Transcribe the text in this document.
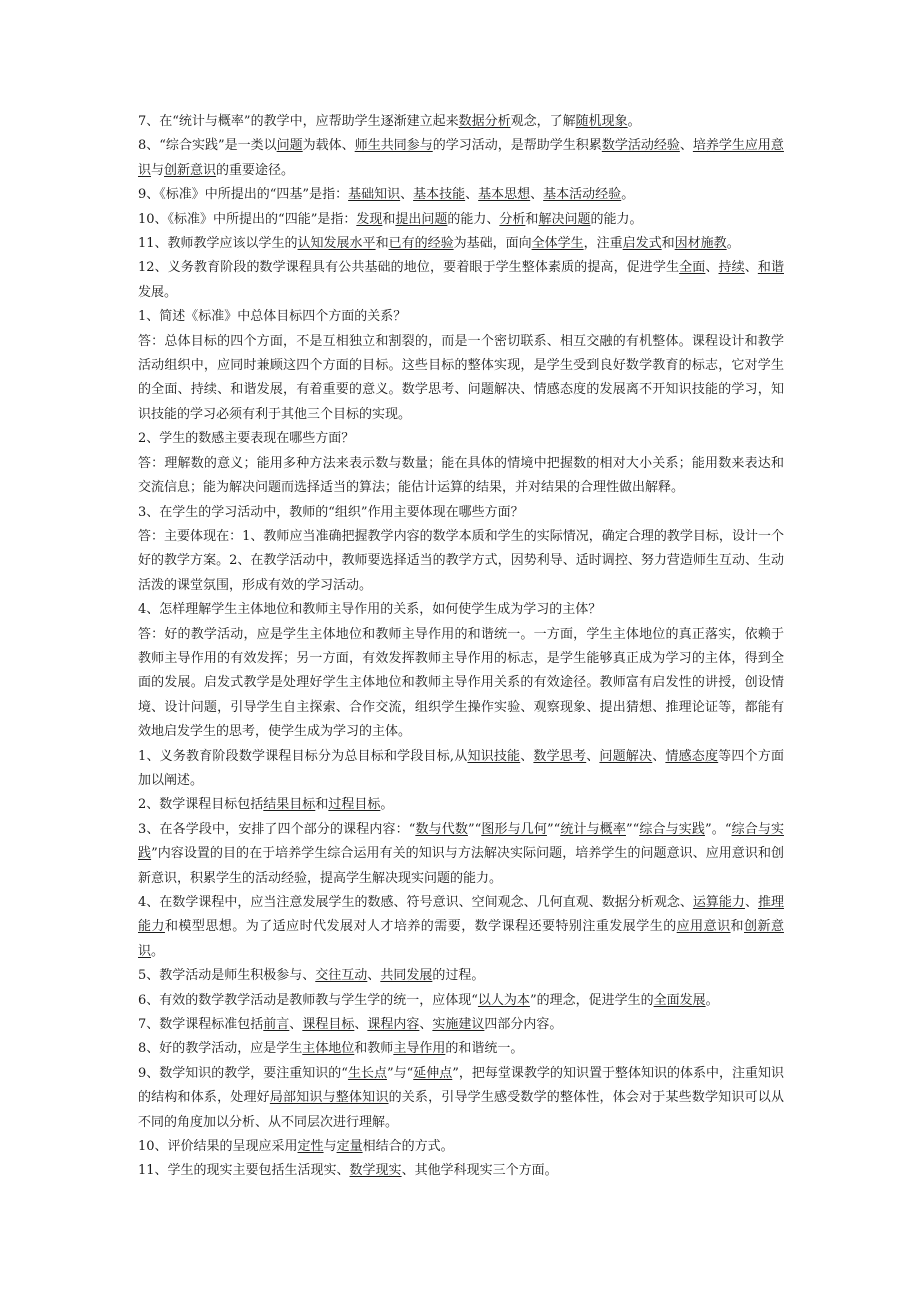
7、在“统计与概率”的教学中，应帮助学生逐渐建立起来数据分析观念，了解随机现象。

8、“综合实践”是一类以问题为载体、师生共同参与的学习活动，是帮助学生积累数学活动经验、培养学生应用意识与创新意识的重要途径。

9、《标准》中所提出的“四基”是指：基础知识、基本技能、基本思想、基本活动经验。

10、《标准》中所提出的“四能”是指：发现和提出问题的能力、分析和解决问题的能力。

11、教师教学应该以学生的认知发展水平和已有的经验为基础，面向全体学生，注重启发式和因材施教。

12、义务教育阶段的数学课程具有公共基础的地位，要着眼于学生整体素质的提高，促进学生全面、持续、和谐发展。

1、简述《标准》中总体目标四个方面的关系？

答：总体目标的四个方面，不是互相独立和割裂的，而是一个密切联系、相互交融的有机整体。课程设计和教学活动组织中，应同时兼顾这四个方面的目标。这些目标的整体实现，是学生受到良好数学教育的标志，它对学生的全面、持续、和谐发展，有着重要的意义。数学思考、问题解决、情感态度的发展离不开知识技能的学习，知识技能的学习必须有利于其他三个目标的实现。

2、学生的数感主要表现在哪些方面？

答：理解数的意义；能用多种方法来表示数与数量；能在具体的情境中把握数的相对大小关系；能用数来表达和交流信息；能为解决问题而选择适当的算法；能估计运算的结果，并对结果的合理性做出解释。

3、在学生的学习活动中，教师的“组织”作用主要体现在哪些方面？

答：主要体现在：1、教师应当准确把握教学内容的数学本质和学生的实际情况，确定合理的教学目标，设计一个好的教学方案。2、在教学活动中，教师要选择适当的教学方式，因势利导、适时调控、努力营造师生互动、生动活泼的课堂氛围，形成有效的学习活动。

4、怎样理解学生主体地位和教师主导作用的关系，如何使学生成为学习的主体？

答：好的教学活动，应是学生主体地位和教师主导作用的和谐统一。一方面，学生主体地位的真正落实，依赖于教师主导作用的有效发挥；另一方面，有效发挥教师主导作用的标志，是学生能够真正成为学习的主体，得到全面的发展。启发式教学是处理好学生主体地位和教师主导作用关系的有效途径。教师富有启发性的讲授，创设情境、设计问题，引导学生自主探索、合作交流，组织学生操作实验、观察现象、提出猜想、推理论证等，都能有效地启发学生的思考，使学生成为学习的主体。

1、义务教育阶段数学课程目标分为总目标和学段目标,从知识技能、数学思考、问题解决、情感态度等四个方面加以阐述。

2、数学课程目标包括结果目标和过程目标。

3、在各学段中，安排了四个部分的课程内容：“数与代数”“图形与几何”“统计与概率”“综合与实践”。“综合与实践”内容设置的目的在于培养学生综合运用有关的知识与方法解决实际问题，培养学生的问题意识、应用意识和创新意识，积累学生的活动经验，提高学生解决现实问题的能力。

4、在数学课程中，应当注意发展学生的数感、符号意识、空间观念、几何直观、数据分析观念、运算能力、推理能力和模型思想。为了适应时代发展对人才培养的需要，数学课程还要特别注重发展学生的应用意识和创新意识。

5、教学活动是师生积极参与、交往互动、共同发展的过程。

6、有效的数学教学活动是教师教与学生学的统一，应体现“以人为本”的理念，促进学生的全面发展。

7、数学课程标准包括前言、课程目标、课程内容、实施建议四部分内容。

8、好的教学活动，应是学生主体地位和教师主导作用的和谐统一。

9、数学知识的教学，要注重知识的“生长点”与“延伸点”，把每堂课教学的知识置于整体知识的体系中，注重知识的结构和体系，处理好局部知识与整体知识的关系，引导学生感受数学的整体性，体会对于某些数学知识可以从不同的角度加以分析、从不同层次进行理解。

10、评价结果的呈现应采用定性与定量相结合的方式。

11、学生的现实主要包括生活现实、数学现实、其他学科现实三个方面。
